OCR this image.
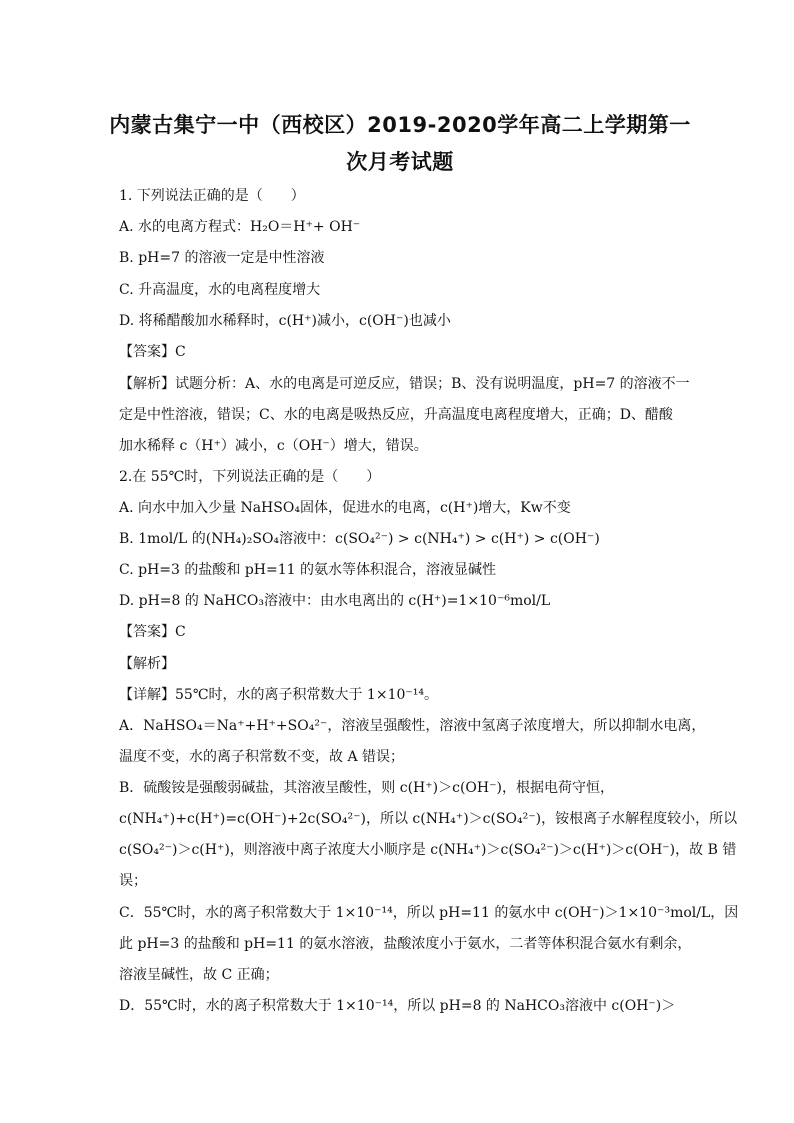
内蒙古集宁一中（西校区）2019-2020学年高二上学期第一
次月考试题
1. 下列说法正确的是（　　）
A. 水的电离方程式：H₂O＝H⁺+ OH⁻
B. pH=7 的溶液一定是中性溶液
C. 升高温度，水的电离程度增大
D. 将稀醋酸加水稀释时，c(H⁺)减小，c(OH⁻)也减小
【答案】C
【解析】试题分析：A、水的电离是可逆反应，错误；B、没有说明温度，pH=7 的溶液不一
定是中性溶液，错误；C、水的电离是吸热反应，升高温度电离程度增大，正确；D、醋酸
加水稀释 c（H⁺）减小，c（OH⁻）增大，错误。
2.在 55℃时，下列说法正确的是（　　）
A. 向水中加入少量 NaHSO₄固体，促进水的电离，c(H⁺)增大，Kw不变
B. 1mol/L 的(NH₄)₂SO₄溶液中：c(SO₄²⁻) > c(NH₄⁺) > c(H⁺) > c(OH⁻)
C. pH=3 的盐酸和 pH=11 的氨水等体积混合，溶液显碱性
D. pH=8 的 NaHCO₃溶液中：由水电离出的 c(H⁺)=1×10⁻⁶mol/L
【答案】C
【解析】
【详解】55℃时，水的离子积常数大于 1×10⁻¹⁴。
A．NaHSO₄＝Na⁺+H⁺+SO₄²⁻，溶液呈强酸性，溶液中氢离子浓度增大，所以抑制水电离，
温度不变，水的离子积常数不变，故 A 错误；
B．硫酸铵是强酸弱碱盐，其溶液呈酸性，则 c(H⁺)＞c(OH⁻)，根据电荷守恒，
c(NH₄⁺)+c(H⁺)=c(OH⁻)+2c(SO₄²⁻)，所以 c(NH₄⁺)＞c(SO₄²⁻)，铵根离子水解程度较小，所以
c(SO₄²⁻)＞c(H⁺)，则溶液中离子浓度大小顺序是 c(NH₄⁺)＞c(SO₄²⁻)＞c(H⁺)＞c(OH⁻)，故 B 错
误；
C．55℃时，水的离子积常数大于 1×10⁻¹⁴，所以 pH=11 的氨水中 c(OH⁻)＞1×10⁻³mol/L，因
此 pH=3 的盐酸和 pH=11 的氨水溶液，盐酸浓度小于氨水，二者等体积混合氨水有剩余，
溶液呈碱性，故 C 正确；
D．55℃时，水的离子积常数大于 1×10⁻¹⁴，所以 pH=8 的 NaHCO₃溶液中 c(OH⁻)＞
